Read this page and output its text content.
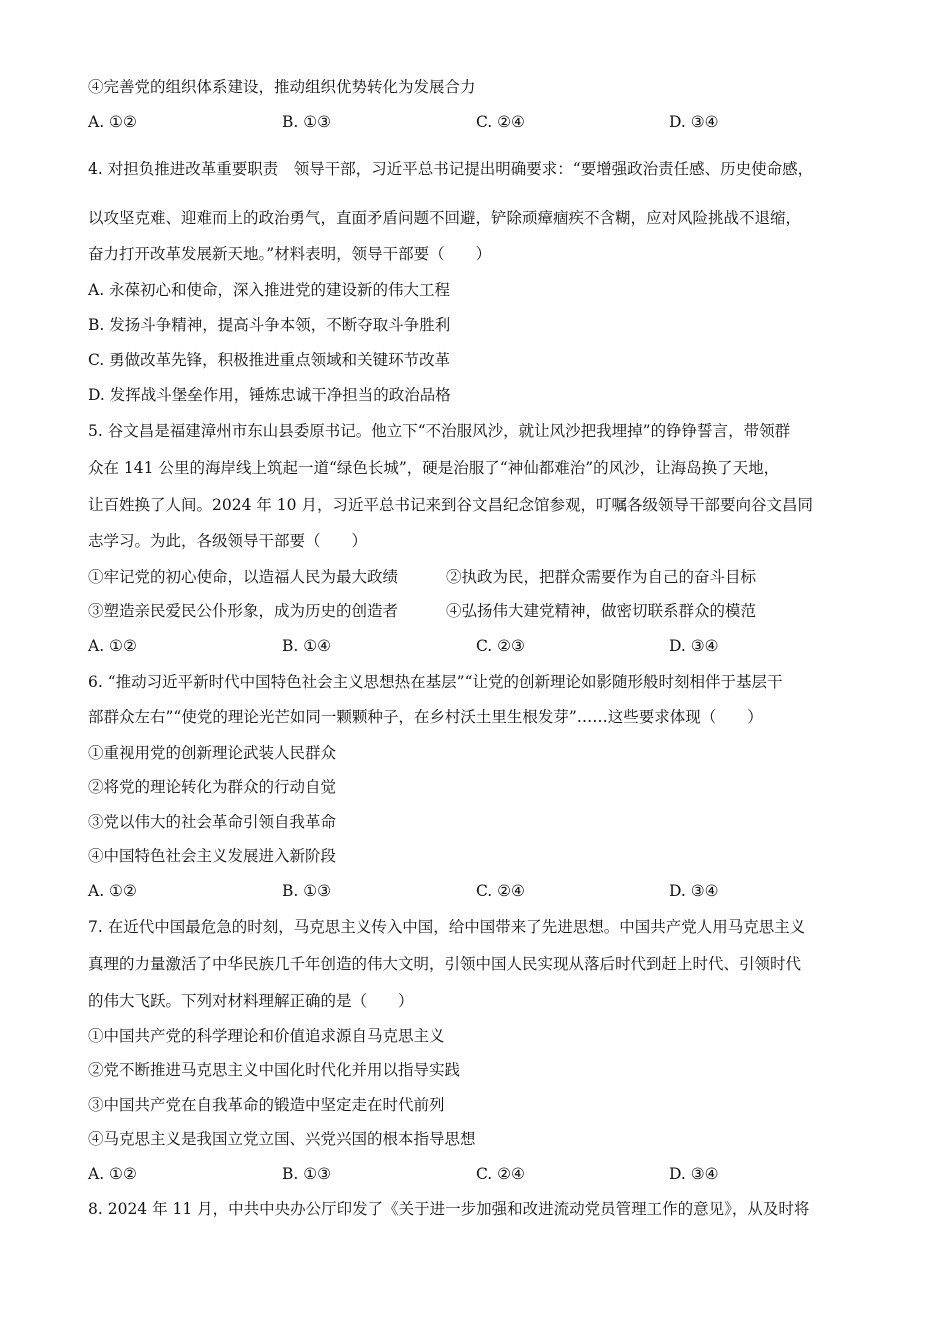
④完善党的组织体系建设，推动组织优势转化为发展合力
A. ①②	B. ①③	C. ②④	D. ③④
4. 对担负推进改革重要职责　领导干部，习近平总书记提出明确要求：“要增强政治责任感、历史使命感，
以攻坚克难、迎难而上的政治勇气，直面矛盾问题不回避，铲除顽瘴痼疾不含糊，应对风险挑战不退缩，
奋力打开改革发展新天地。”材料表明，领导干部要（　　）
A. 永葆初心和使命，深入推进党的建设新的伟大工程
B. 发扬斗争精神，提高斗争本领，不断夺取斗争胜利
C. 勇做改革先锋，积极推进重点领域和关键环节改革
D. 发挥战斗堡垒作用，锤炼忠诚干净担当的政治品格
5. 谷文昌是福建漳州市东山县委原书记。他立下“不治服风沙，就让风沙把我埋掉”的铮铮誓言，带领群
众在 141 公里的海岸线上筑起一道“绿色长城”，硬是治服了“神仙都难治”的风沙，让海岛换了天地，
让百姓换了人间。2024 年 10 月，习近平总书记来到谷文昌纪念馆参观，叮嘱各级领导干部要向谷文昌同
志学习。为此，各级领导干部要（　　）
①牢记党的初心使命，以造福人民为最大政绩	②执政为民，把群众需要作为自己的奋斗目标
③塑造亲民爱民公仆形象，成为历史的创造者	④弘扬伟大建党精神，做密切联系群众的模范
A. ①②	B. ①④	C. ②③	D. ③④
6. “推动习近平新时代中国特色社会主义思想热在基层”“让党的创新理论如影随形般时刻相伴于基层干
部群众左右”“使党的理论光芒如同一颗颗种子，在乡村沃土里生根发芽”……这些要求体现（　　）
①重视用党的创新理论武装人民群众
②将党的理论转化为群众的行动自觉
③党以伟大的社会革命引领自我革命
④中国特色社会主义发展进入新阶段
A. ①②	B. ①③	C. ②④	D. ③④
7. 在近代中国最危急的时刻，马克思主义传入中国，给中国带来了先进思想。中国共产党人用马克思主义
真理的力量激活了中华民族几千年创造的伟大文明，引领中国人民实现从落后时代到赶上时代、引领时代
的伟大飞跃。下列对材料理解正确的是（　　）
①中国共产党的科学理论和价值追求源自马克思主义
②党不断推进马克思主义中国化时代化并用以指导实践
③中国共产党在自我革命的锻造中坚定走在时代前列
④马克思主义是我国立党立国、兴党兴国的根本指导思想
A. ①②	B. ①③	C. ②④	D. ③④
8. 2024 年 11 月，中共中央办公厅印发了《关于进一步加强和改进流动党员管理工作的意见》，从及时将
